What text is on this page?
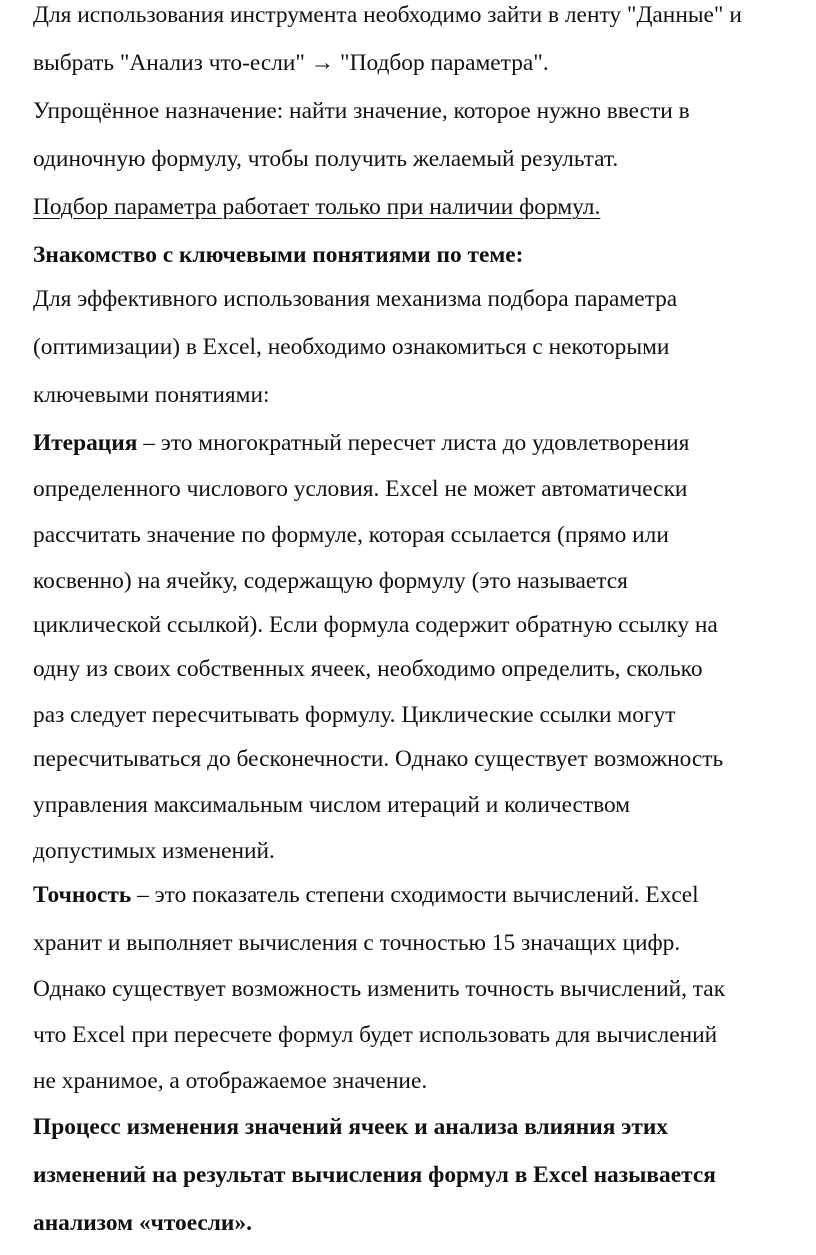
Для использования инструмента необходимо зайти в ленту "Данные" и
выбрать "Анализ что-если" → "Подбор параметра".
Упрощённое назначение: найти значение, которое нужно ввести в
одиночную формулу, чтобы получить желаемый результат.
Подбор параметра работает только при наличии формул.
Знакомство с ключевыми понятиями по теме:
Для эффективного использования механизма подбора параметра
(оптимизации) в Excel, необходимо ознакомиться с некоторыми
ключевыми понятиями:
Итерация – это многократный пересчет листа до удовлетворения
определенного числового условия. Excel не может автоматически
рассчитать значение по формуле, которая ссылается (прямо или
косвенно) на ячейку, содержащую формулу (это называется
циклической ссылкой). Если формула содержит обратную ссылку на
одну из своих собственных ячеек, необходимо определить, сколько
раз следует пересчитывать формулу. Циклические ссылки могут
пересчитываться до бесконечности. Однако существует возможность
управления максимальным числом итераций и количеством
допустимых изменений.
Точность – это показатель степени сходимости вычислений. Excel
хранит и выполняет вычисления с точностью 15 значащих цифр.
Однако существует возможность изменить точность вычислений, так
что Excel при пересчете формул будет использовать для вычислений
не хранимое, а отображаемое значение.
Процесс изменения значений ячеек и анализа влияния этих
изменений на результат вычисления формул в Excel называется
анализом «чтоесли».
